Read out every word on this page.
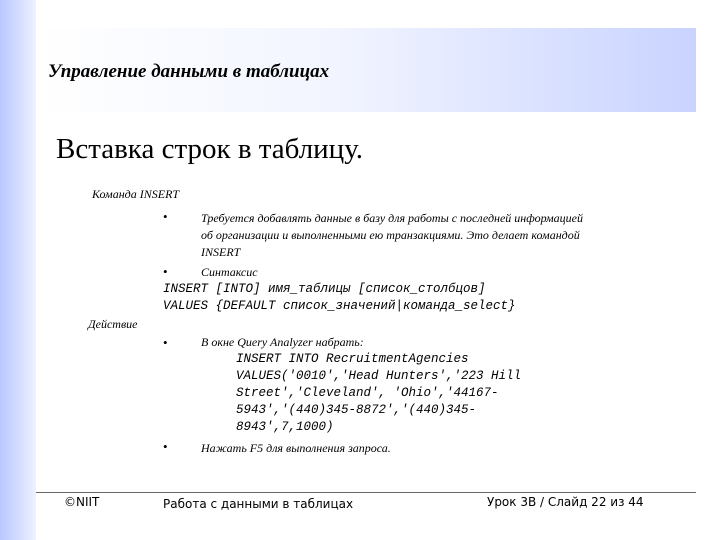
Управление данными в таблицах
Вставка строк в таблицу.
Команда INSERT
•	Требуется добавлять данные в базу для работы с последней информацией
об организации и выполненными ею транзакциями. Это делает командой
INSERT
•	Синтаксис
INSERT [INTO] имя_таблицы [список_столбцов]
VALUES {DEFAULT список_значений|команда_select}
Действие
•	В окне Query Analyzer набрать:
INSERT INTO RecruitmentAgencies
VALUES('0010','Head Hunters','223 Hill
Street','Cleveland', 'Ohio','44167-
5943','(440)345-8872','(440)345-
8943',7,1000)
•	Нажать F5 для выполнения запроса.
©NIIT	Работа с данными в таблицах	Урок 3B / Слайд 22 из 44
